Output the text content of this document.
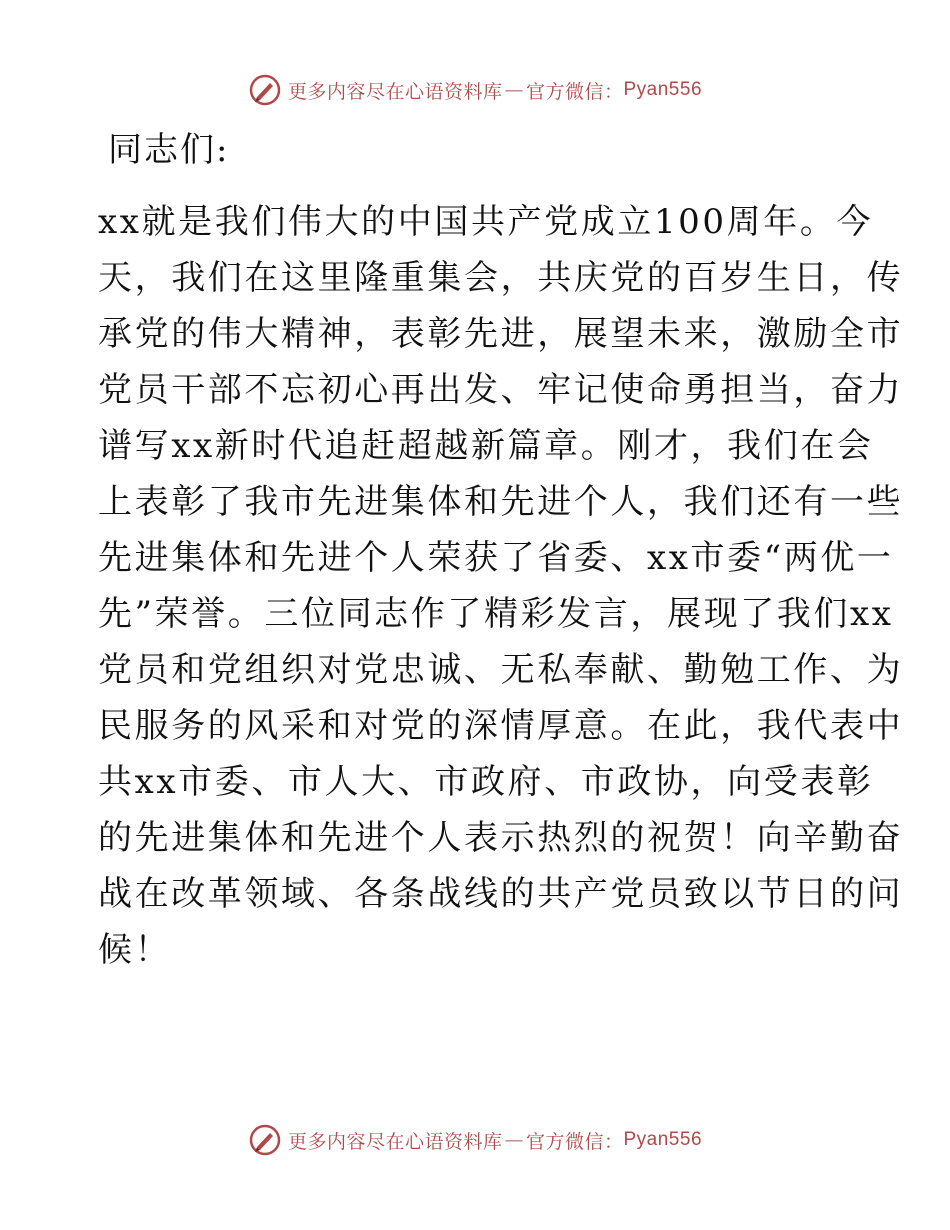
更多内容尽在心语资料库 — 官方微信： Pyan556
同志们:
xx就是我们伟大的中国共产党成立100周年。今
天，我们在这里隆重集会，共庆党的百岁生日，传
承党的伟大精神，表彰先进，展望未来，激励全市
党员干部不忘初心再出发、牢记使命勇担当，奋力
谱写xx新时代追赶超越新篇章。刚才，我们在会
上表彰了我市先进集体和先进个人，我们还有一些
先进集体和先进个人荣获了省委、xx市委“两优一
先”荣誉。三位同志作了精彩发言，展现了我们xx
党员和党组织对党忠诚、无私奉献、勤勉工作、为
民服务的风采和对党的深情厚意。在此，我代表中
共xx市委、市人大、市政府、市政协，向受表彰
的先进集体和先进个人表示热烈的祝贺！向辛勤奋
战在改革领域、各条战线的共产党员致以节日的问
候！
更多内容尽在心语资料库 — 官方微信： Pyan556
